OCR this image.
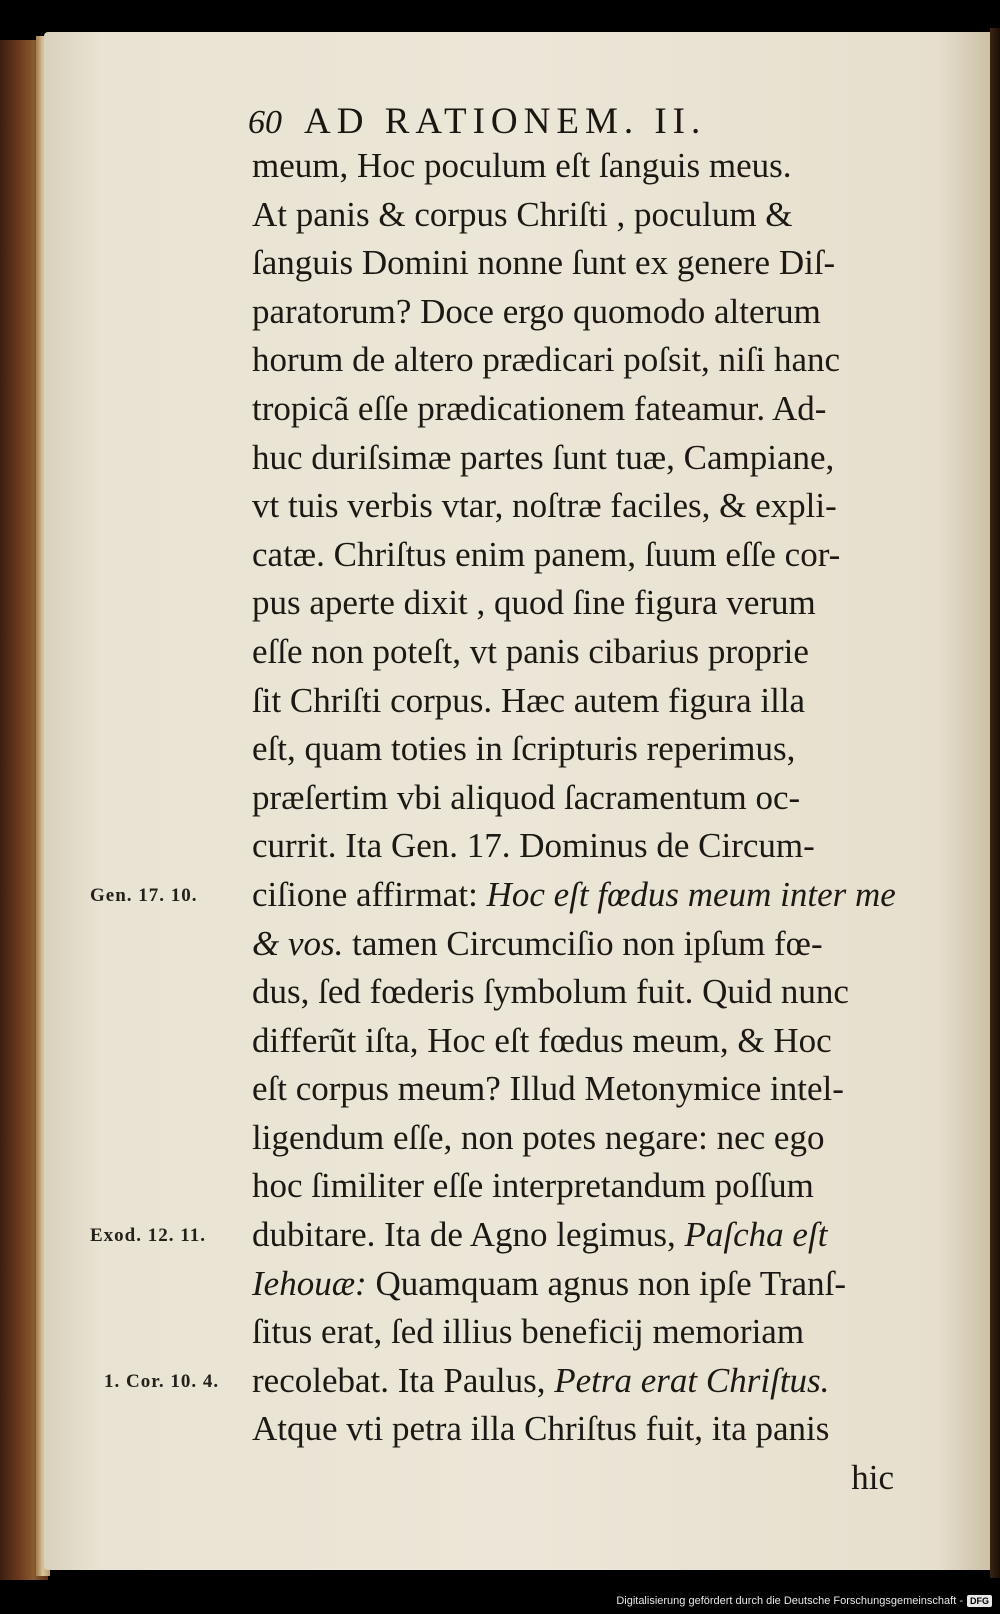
60 AD RATIONEM. II.
meum, Hoc poculum eſt ſanguis meus.
At panis & corpus Chriſti , poculum &
ſanguis Domini nonne ſunt ex genere Diſ-
paratorum? Doce ergo quomodo alterum
horum de altero prædicari poſsit, niſi hanc
tropicã eſſe prædicationem fateamur. Ad-
huc duriſsimæ partes ſunt tuæ, Campiane,
vt tuis verbis vtar, noſtræ faciles, & expli-
catæ. Chriſtus enim panem, ſuum eſſe cor-
pus aperte dixit , quod ſine figura verum
eſſe non poteſt, vt panis cibarius proprie
ſit Chriſti corpus. Hæc autem figura illa
eſt, quam toties in ſcripturis reperimus,
præſertim vbi aliquod ſacramentum oc-
currit. Ita Gen. 17. Dominus de Circum-
ciſione affirmat: Hoc eſt fœdus meum inter me
& vos. tamen Circumciſio non ipſum fœ-
dus, ſed fœderis ſymbolum fuit. Quid nunc
differũt iſta, Hoc eſt fœdus meum, & Hoc
eſt corpus meum? Illud Metonymice intel-
ligendum eſſe, non potes negare: nec ego
hoc ſimiliter eſſe interpretandum poſſum
dubitare. Ita de Agno legimus, Paſcha eſt
Iehouæ: Quamquam agnus non ipſe Tranſ-
ſitus erat, ſed illius beneficij memoriam
recolebat. Ita Paulus, Petra erat Chriſtus.
Atque vti petra illa Chriſtus fuit, ita panis
hic
Gen. 17. 10.
Exod. 12. 11.
1. Cor. 10. 4.
Digitalisierung gefördert durch die Deutsche Forschungsgemeinschaft - DFG
